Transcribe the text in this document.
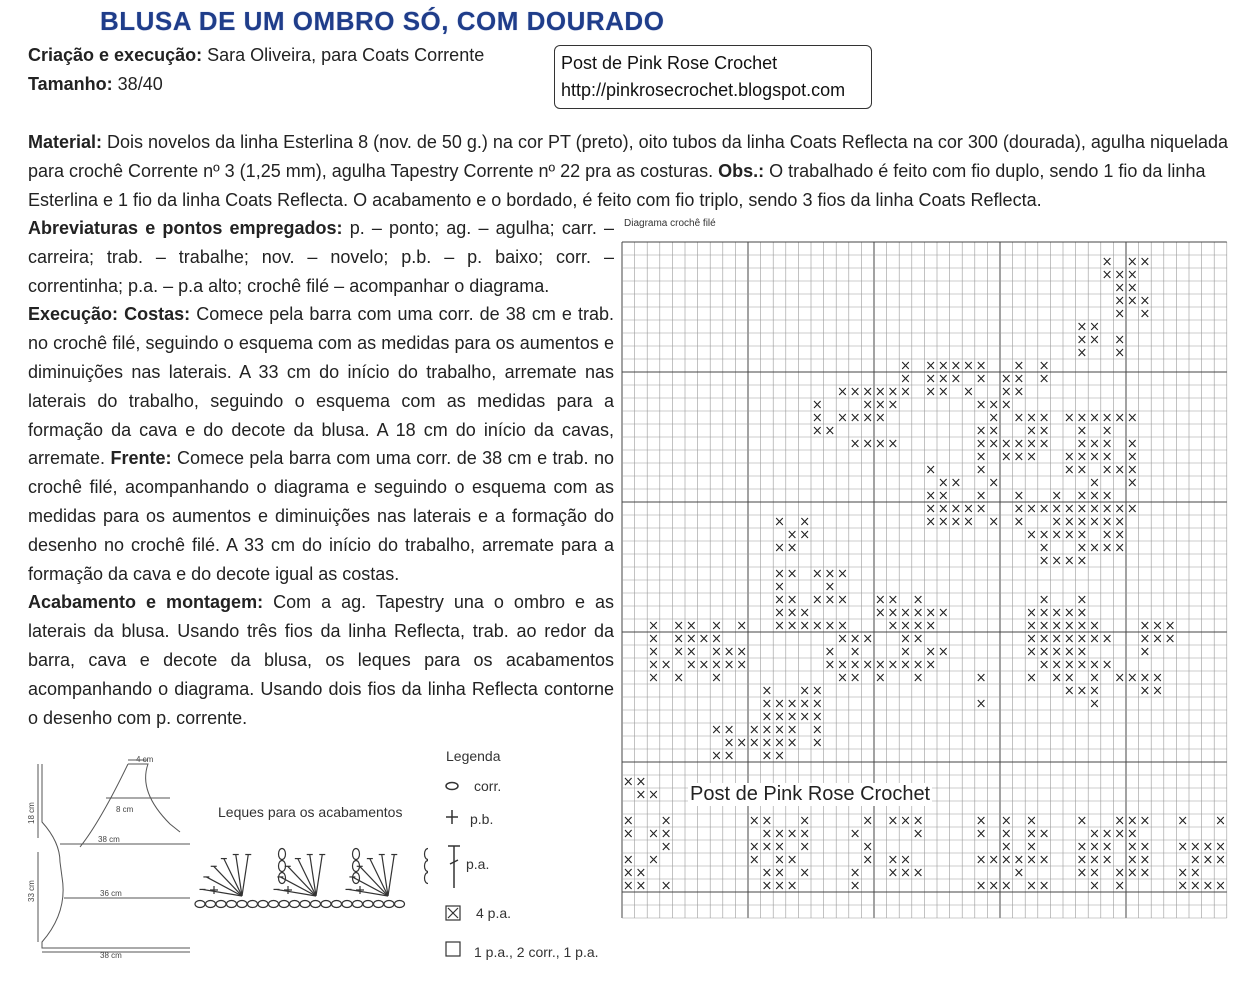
BLUSA DE UM OMBRO SÓ, COM DOURADO
Criação e execução: Sara Oliveira, para Coats Corrente
Tamanho: 38/40
Post de Pink Rose Crochet
http://pinkrosecrochet.blogspot.com
Material: Dois novelos da linha Esterlina 8 (nov. de 50 g.) na cor PT (preto), oito tubos da linha Coats Reflecta na cor 300 (dourada), agulha niquelada para crochê Corrente nº 3 (1,25 mm), agulha Tapestry Corrente nº 22 pra as costuras. Obs.: O trabalhado é feito com fio duplo, sendo 1 fio da linha Esterlina e 1 fio da linha Coats Reflecta. O acabamento e o bordado, é feito com fio triplo, sendo 3 fios da linha Coats Reflecta.
Abreviaturas e pontos empregados: p. – ponto; ag. – agulha; carr. – carreira; trab. – trabalhe; nov. – novelo; p.b. – p. baixo; corr. – correntinha; p.a. – p.a alto; crochê filé – acompanhar o diagrama.
Execução: Costas: Comece pela barra com uma corr. de 38 cm e trab. no crochê filé, seguindo o esquema com as medidas para os aumentos e diminuições nas laterais. A 33 cm do início do trabalho, arremate nas laterais do trabalho, seguindo o esquema com as medidas para a formação da cava e do decote da blusa. A 18 cm do início da cavas, arremate. Frente: Comece pela barra com uma corr. de 38 cm e trab. no crochê filé, acompanhando o diagrama e seguindo o esquema com as medidas para os aumentos e diminuições nas laterais e a formação do desenho no crochê filé. A 33 cm do início do trabalho, arremate para a formação da cava e do decote igual as costas.
Acabamento e montagem: Com a ag. Tapestry una o ombro e as laterais da blusa. Usando três fios da linha Reflecta, trab. ao redor da barra, cava e decote da blusa, os leques para os acabamentos acompanhando o diagrama. Usando dois fios da linha Reflecta contorne o desenho com p. corrente.
Diagrama crochê filé
Post de Pink Rose Crochet
4 cm
18 cm	8 cm
38 cm
33 cm	36 cm
38 cm
Leques para os acabamentos
Legenda
corr.
p.b.
p.a.
4 p.a.
1 p.a., 2 corr., 1 p.a.
